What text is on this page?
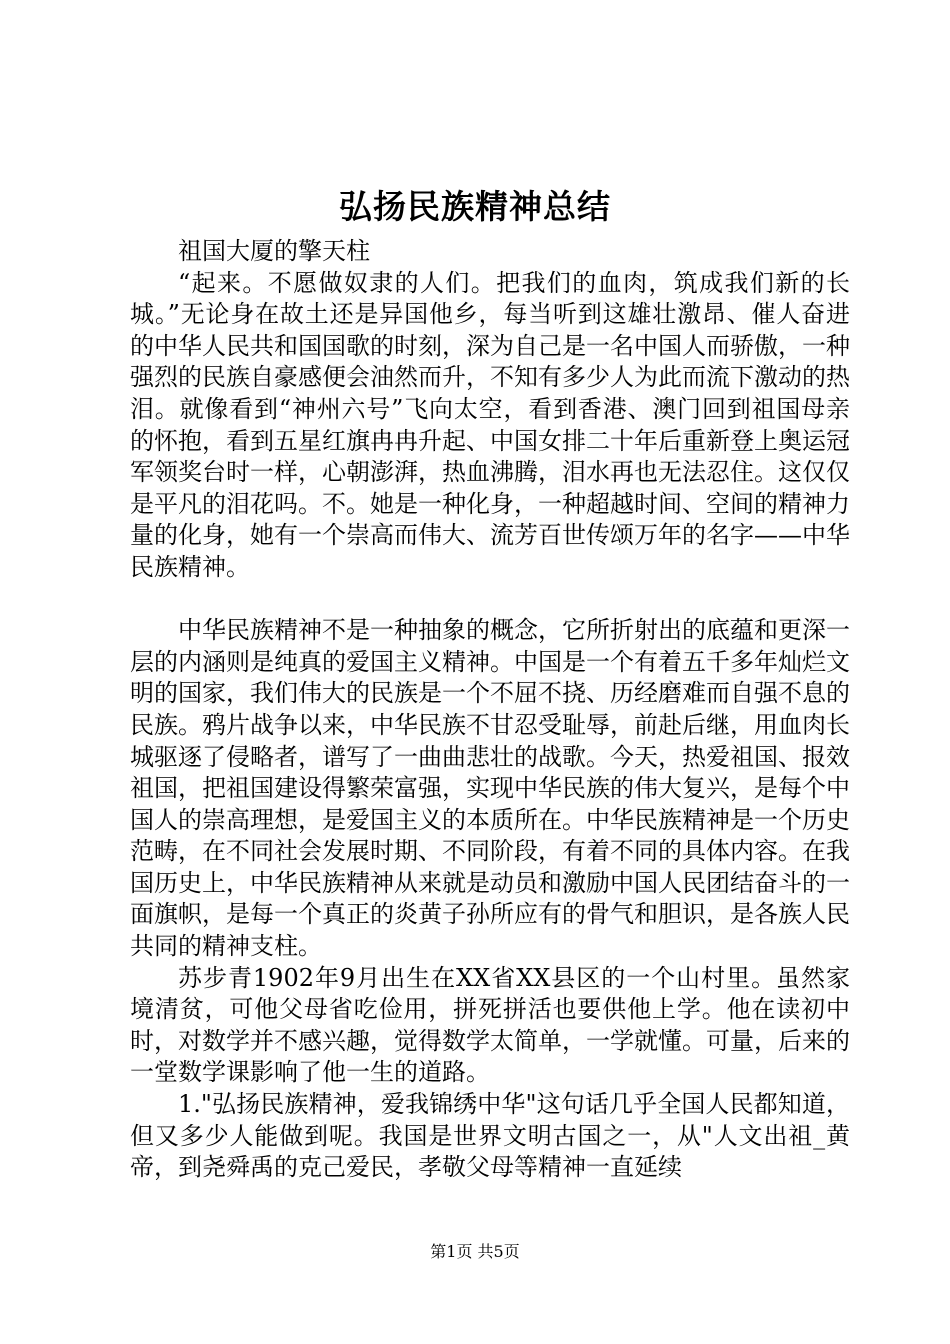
弘扬民族精神总结
祖国大厦的擎天柱

“起来。不愿做奴隶的人们。把我们的血肉，筑成我们新的长城。”无论身在故土还是异国他乡，每当听到这雄壮激昂、催人奋进的中华人民共和国国歌的时刻，深为自己是一名中国人而骄傲，一种强烈的民族自豪感便会油然而升，不知有多少人为此而流下激动的热泪。就像看到“神州六号”飞向太空，看到香港、澳门回到祖国母亲的怀抱，看到五星红旗冉冉升起、中国女排二十年后重新登上奥运冠军领奖台时一样，心朝澎湃，热血沸腾，泪水再也无法忍住。这仅仅是平凡的泪花吗。不。她是一种化身，一种超越时间、空间的精神力量的化身，她有一个崇高而伟大、流芳百世传颂万年的名字——中华民族精神。

中华民族精神不是一种抽象的概念，它所折射出的底蕴和更深一层的内涵则是纯真的爱国主义精神。中国是一个有着五千多年灿烂文明的国家，我们伟大的民族是一个不屈不挠、历经磨难而自强不息的民族。鸦片战争以来，中华民族不甘忍受耻辱，前赴后继，用血肉长城驱逐了侵略者，谱写了一曲曲悲壮的战歌。今天，热爱祖国、报效祖国，把祖国建设得繁荣富强，实现中华民族的伟大复兴，是每个中国人的崇高理想，是爱国主义的本质所在。中华民族精神是一个历史范畴，在不同社会发展时期、不同阶段，有着不同的具体内容。在我国历史上，中华民族精神从来就是动员和激励中国人民团结奋斗的一面旗帜，是每一个真正的炎黄子孙所应有的骨气和胆识，是各族人民共同的精神支柱。

苏步青1902年9月出生在XX省XX县区的一个山村里。虽然家境清贫，可他父母省吃俭用，拼死拼活也要供他上学。他在读初中时，对数学并不感兴趣，觉得数学太简单，一学就懂。可量，后来的一堂数学课影响了他一生的道路。

1."弘扬民族精神，爱我锦绣中华"这句话几乎全国人民都知道，但又多少人能做到呢。我国是世界文明古国之一，从"人文出祖_黄帝，到尧舜禹的克己爱民，孝敬父母等精神一直延续

第1页 共5页
